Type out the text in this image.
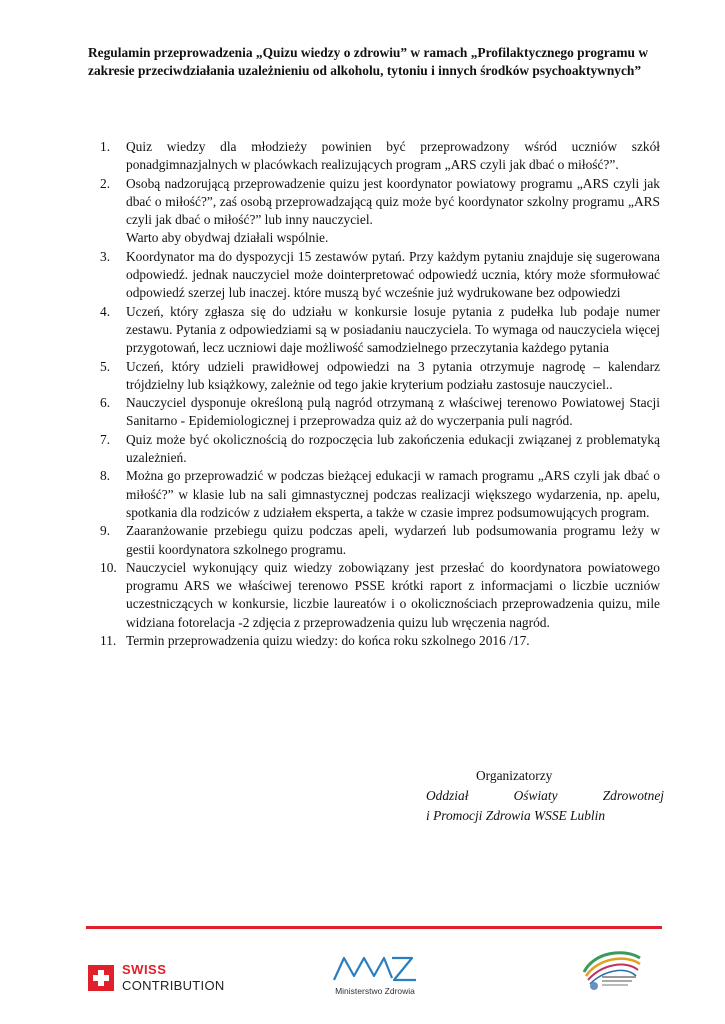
Regulamin przeprowadzenia „Quizu wiedzy o zdrowiu” w ramach „Profilaktycznego programu w zakresie przeciwdziałania uzależnieniu od alkoholu, tytoniu i innych środków psychoaktywnych”

1.	Quiz wiedzy dla młodzieży powinien być przeprowadzony wśród uczniów szkół ponadgimnazjalnych w placówkach realizujących program „ARS czyli jak dbać o miłość?”.
2.	Osobą nadzorującą przeprowadzenie quizu jest koordynator powiatowy programu „ARS czyli jak dbać o miłość?”, zaś osobą przeprowadzającą quiz może być koordynator szkolny programu „ARS czyli jak dbać o miłość?” lub inny nauczyciel.
Warto aby obydwaj działali wspólnie.
3.	Koordynator ma do dyspozycji 15 zestawów pytań. Przy każdym pytaniu znajduje się sugerowana odpowiedź. jednak nauczyciel może dointerpretować odpowiedź ucznia, który może sformułować odpowiedź szerzej lub inaczej. które muszą być wcześnie już wydrukowane bez odpowiedzi
4.	Uczeń, który zgłasza się do udziału w konkursie losuje pytania z pudełka lub podaje numer zestawu. Pytania z odpowiedziami są w posiadaniu nauczyciela. To wymaga od nauczyciela więcej przygotowań, lecz uczniowi daje możliwość samodzielnego przeczytania każdego pytania
5.	Uczeń, który udzieli prawidłowej odpowiedzi na 3 pytania otrzymuje nagrodę – kalendarz trójdzielny lub książkowy, zależnie od tego jakie kryterium podziału zastosuje nauczyciel..
6.	Nauczyciel dysponuje określoną pulą nagród otrzymaną z właściwej terenowo Powiatowej Stacji Sanitarno - Epidemiologicznej i przeprowadza quiz aż do wyczerpania puli nagród.
7.	Quiz może być okolicznością do rozpoczęcia lub zakończenia edukacji związanej z problematyką uzależnień.
8.	Można go przeprowadzić w podczas bieżącej edukacji w ramach programu „ARS czyli jak dbać o miłość?” w klasie lub na sali gimnastycznej podczas realizacji większego wydarzenia, np. apelu, spotkania dla rodziców z udziałem eksperta, a także w czasie imprez podsumowujących program.
9.	Zaaranżowanie przebiegu quizu podczas apeli, wydarzeń lub podsumowania programu leży w gestii koordynatora szkolnego programu.
10. Nauczyciel wykonujący quiz wiedzy zobowiązany jest przesłać do koordynatora powiatowego programu ARS we właściwej terenowo PSSE krótki raport z informacjami o liczbie uczniów uczestniczących w konkursie, liczbie laureatów i o okolicznościach przeprowadzenia quizu, mile widziana fotorelacja -2 zdjęcia z przeprowadzenia quizu lub wręczenia nagród.
11. Termin przeprowadzenia quizu wiedzy: do końca roku szkolnego 2016 /17.
Organizatorzy
Oddział	Oświaty	Zdrowotnej
i Promocji Zdrowia WSSE Lublin
SWISS
CONTRIBUTION	Ministerstwo Zdrowia
